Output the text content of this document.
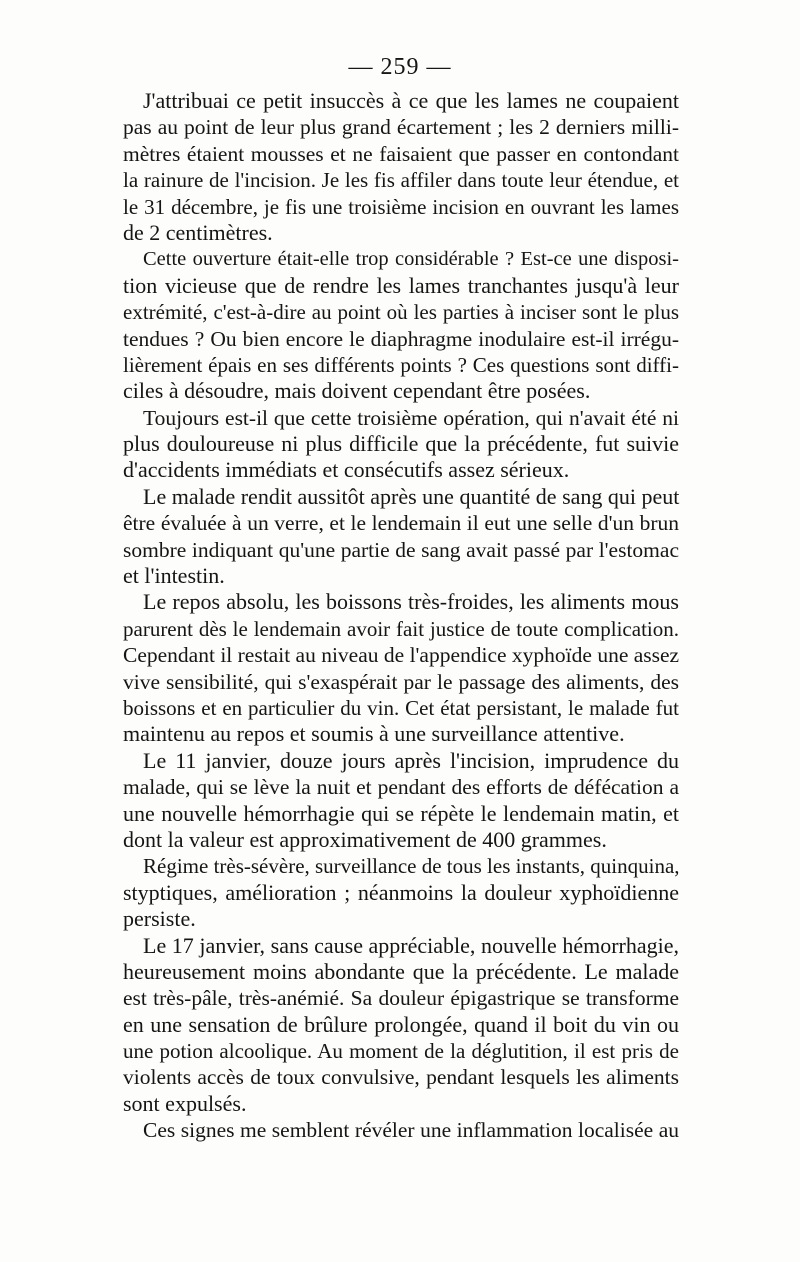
— 259 —
J'attribuai ce petit insuccès à ce que les lames ne coupaient
pas au point de leur plus grand écartement ; les 2 derniers milli-
mètres étaient mousses et ne faisaient que passer en contondant
la rainure de l'incision. Je les fis affiler dans toute leur étendue, et
le 31 décembre, je fis une troisième incision en ouvrant les lames
de 2 centimètres.
Cette ouverture était-elle trop considérable ? Est-ce une disposi-
tion vicieuse que de rendre les lames tranchantes jusqu'à leur
extrémité, c'est-à-dire au point où les parties à inciser sont le plus
tendues ? Ou bien encore le diaphragme inodulaire est-il irrégu-
lièrement épais en ses différents points ? Ces questions sont diffi-
ciles à désoudre, mais doivent cependant être posées.
Toujours est-il que cette troisième opération, qui n'avait été ni
plus douloureuse ni plus difficile que la précédente, fut suivie
d'accidents immédiats et consécutifs assez sérieux.
Le malade rendit aussitôt après une quantité de sang qui peut
être évaluée à un verre, et le lendemain il eut une selle d'un brun
sombre indiquant qu'une partie de sang avait passé par l'estomac
et l'intestin.
Le repos absolu, les boissons très-froides, les aliments mous
parurent dès le lendemain avoir fait justice de toute complication.
Cependant il restait au niveau de l'appendice xyphoïde une assez
vive sensibilité, qui s'exaspérait par le passage des aliments, des
boissons et en particulier du vin. Cet état persistant, le malade fut
maintenu au repos et soumis à une surveillance attentive.
Le 11 janvier, douze jours après l'incision, imprudence du
malade, qui se lève la nuit et pendant des efforts de défécation a
une nouvelle hémorrhagie qui se répète le lendemain matin, et
dont la valeur est approximativement de 400 grammes.
Régime très-sévère, surveillance de tous les instants, quinquina,
styptiques, amélioration ; néanmoins la douleur xyphoïdienne
persiste.
Le 17 janvier, sans cause appréciable, nouvelle hémorrhagie,
heureusement moins abondante que la précédente. Le malade
est très-pâle, très-anémié. Sa douleur épigastrique se transforme
en une sensation de brûlure prolongée, quand il boit du vin ou
une potion alcoolique. Au moment de la déglutition, il est pris de
violents accès de toux convulsive, pendant lesquels les aliments
sont expulsés.
Ces signes me semblent révéler une inflammation localisée au
